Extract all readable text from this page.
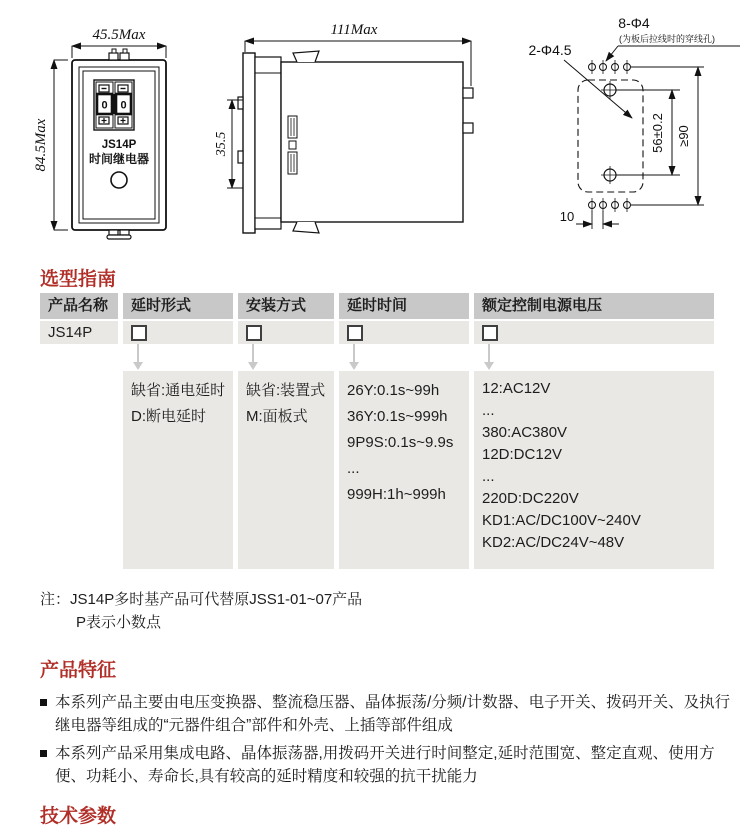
45.5Max
84.5Max
0 0
JS14P
时间继电器
111Max
35.5
8-Φ4
(为板后拉线时的穿线孔)
2-Φ4.5
56±0.2 ≥90
10
选型指南
产品名称
JS14P
延时形式
缺省:通电延时
D:断电延时
安装方式
缺省:装置式
M:面板式
延时时间
26Y:0.1s~99h
36Y:0.1s~999h
9P9S:0.1s~9.9s
...
999H:1h~999h
额定控制电源电压
12:AC12V
...
380:AC380V
12D:DC12V
...
220D:DC220V
KD1:AC/DC100V~240V
KD2:AC/DC24V~48V
注：JS14P多时基产品可代替原JSS1-01~07产品
P表示小数点
产品特征
本系列产品主要由电压变换器、整流稳压器、晶体振荡/分频/计数器、电子开关、拨码开关、及执行继电器等组成的“元器件组合”部件和外壳、上插等部件组成
本系列产品采用集成电路、晶体振荡器,用拨码开关进行时间整定,延时范围宽、整定直观、使用方便、功耗小、寿命长,具有较高的延时精度和较强的抗干扰能力
技术参数
